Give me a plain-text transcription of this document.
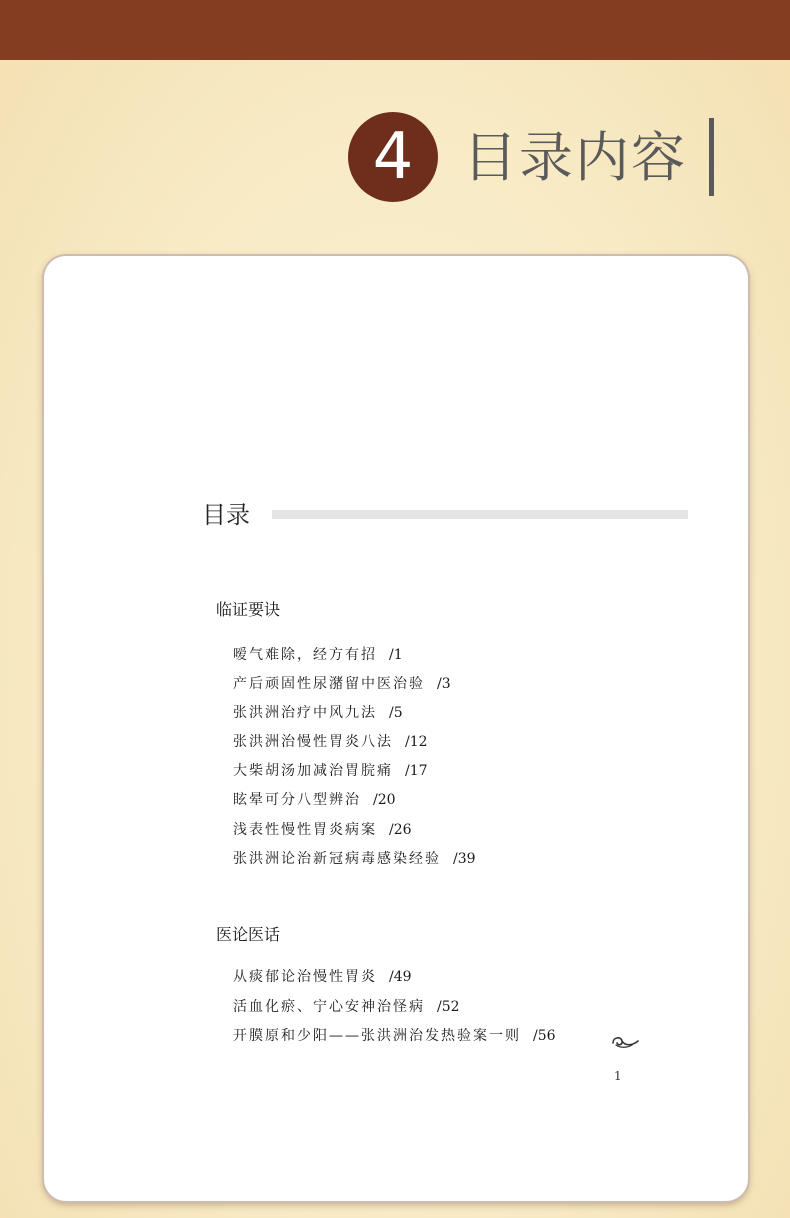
4 目录内容
目录
临证要诀
嗳气难除，经方有招 /1
产后顽固性尿潴留中医治验 /3
张洪洲治疗中风九法 /5
张洪洲治慢性胃炎八法 /12
大柴胡汤加减治胃脘痛 /17
眩晕可分八型辨治 /20
浅表性慢性胃炎病案 /26
张洪洲论治新冠病毒感染经验 /39
医论医话
从痰郁论治慢性胃炎 /49
活血化瘀、宁心安神治怪病 /52
开膜原和少阳——张洪洲治发热验案一则 /56
1
